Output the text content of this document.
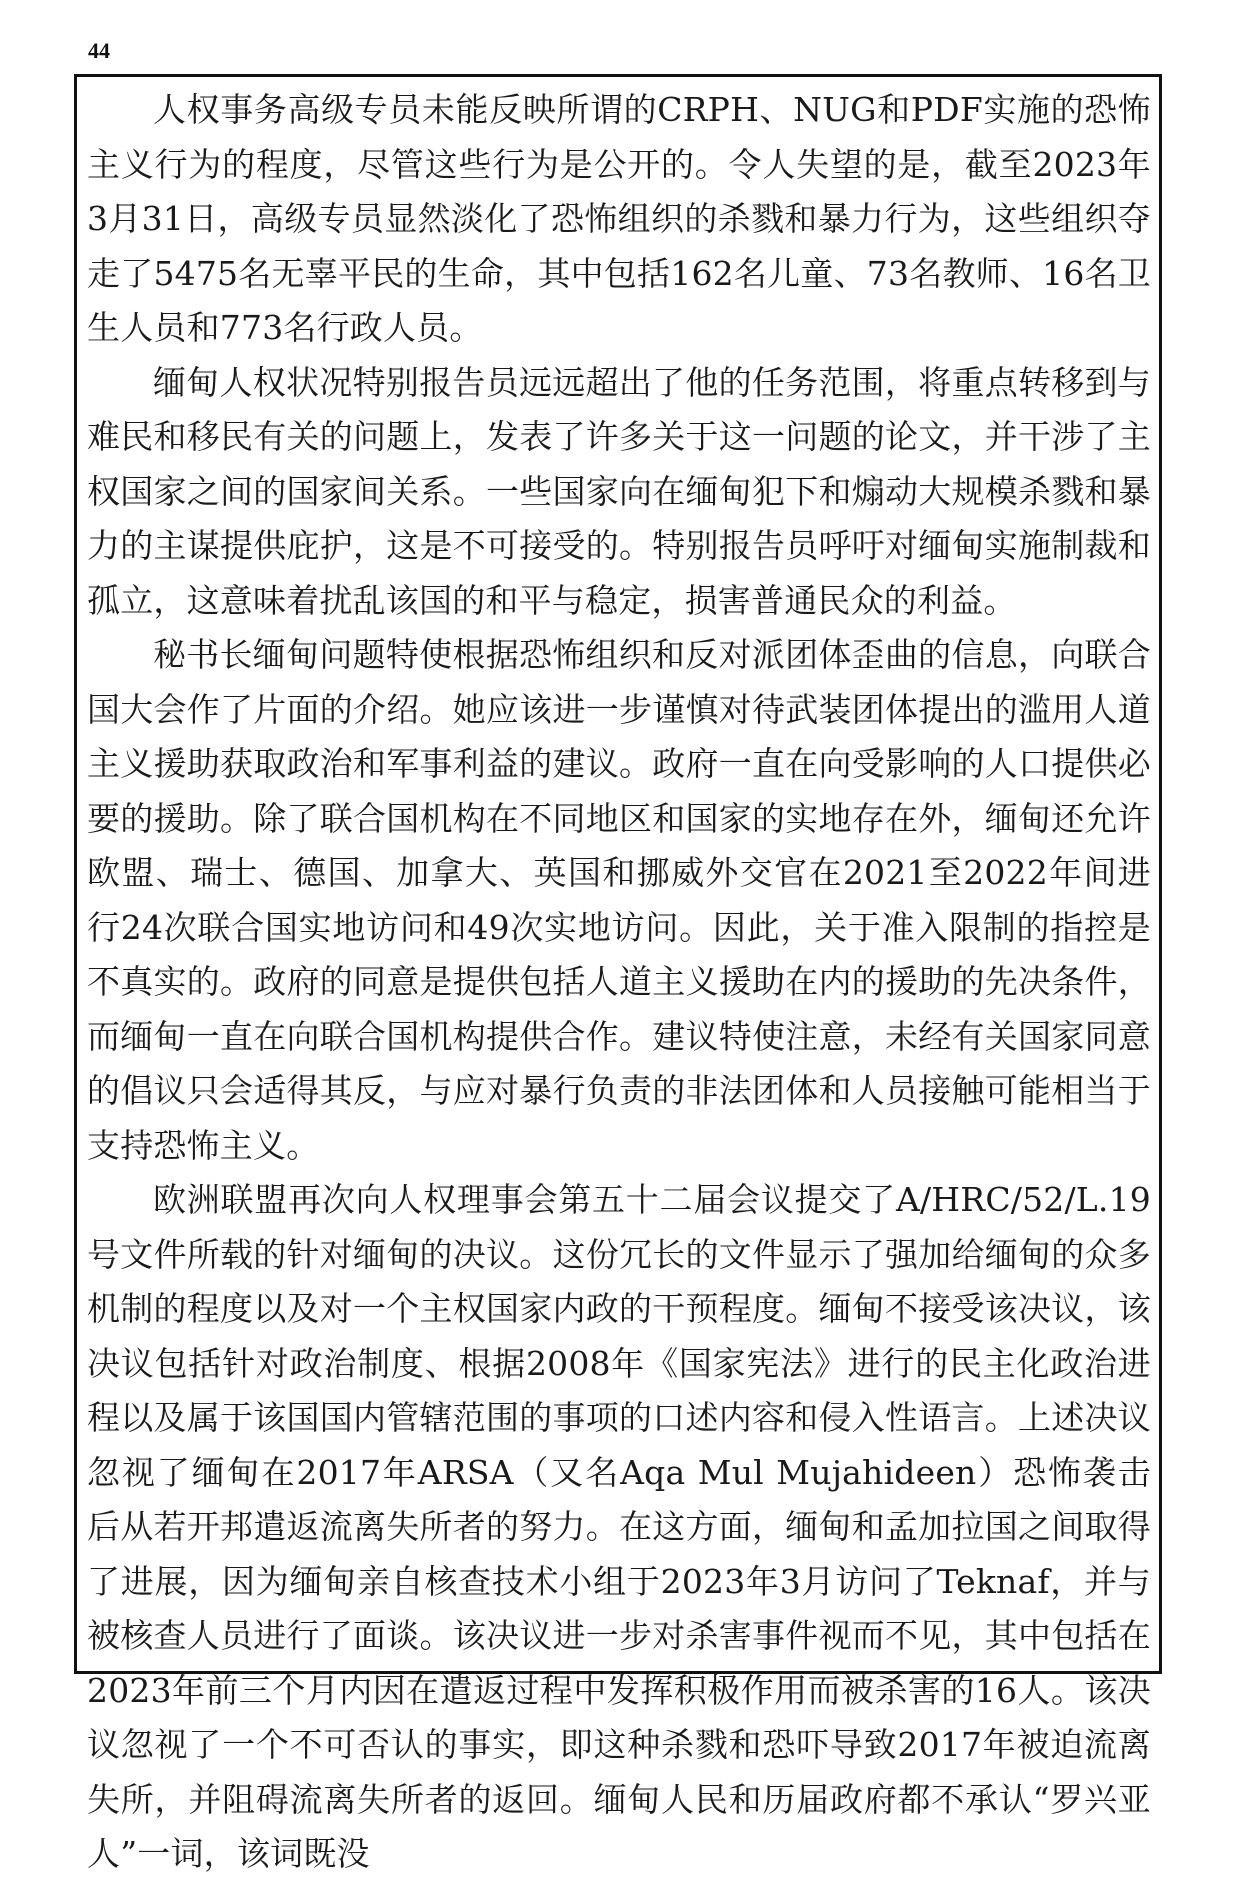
44

人权事务高级专员未能反映所谓的CRPH、NUG和PDF实施的恐怖主义行为的程度，尽管这些行为是公开的。令人失望的是，截至2023年3月31日，高级专员显然淡化了恐怖组织的杀戮和暴力行为，这些组织夺走了5475名无辜平民的生命，其中包括162名儿童、73名教师、16名卫生人员和773名行政人员。

缅甸人权状况特别报告员远远超出了他的任务范围，将重点转移到与难民和移民有关的问题上，发表了许多关于这一问题的论文，并干涉了主权国家之间的国家间关系。一些国家向在缅甸犯下和煽动大规模杀戮和暴力的主谋提供庇护，这是不可接受的。特别报告员呼吁对缅甸实施制裁和孤立，这意味着扰乱该国的和平与稳定，损害普通民众的利益。

秘书长缅甸问题特使根据恐怖组织和反对派团体歪曲的信息，向联合国大会作了片面的介绍。她应该进一步谨慎对待武装团体提出的滥用人道主义援助获取政治和军事利益的建议。政府一直在向受影响的人口提供必要的援助。除了联合国机构在不同地区和国家的实地存在外，缅甸还允许欧盟、瑞士、德国、加拿大、英国和挪威外交官在2021至2022年间进行24次联合国实地访问和49次实地访问。因此，关于准入限制的指控是不真实的。政府的同意是提供包括人道主义援助在内的援助的先决条件，而缅甸一直在向联合国机构提供合作。建议特使注意，未经有关国家同意的倡议只会适得其反，与应对暴行负责的非法团体和人员接触可能相当于支持恐怖主义。

欧洲联盟再次向人权理事会第五十二届会议提交了A/HRC/52/L.19号文件所载的针对缅甸的决议。这份冗长的文件显示了强加给缅甸的众多机制的程度以及对一个主权国家内政的干预程度。缅甸不接受该决议，该决议包括针对政治制度、根据2008年《国家宪法》进行的民主化政治进程以及属于该国国内管辖范围的事项的口述内容和侵入性语言。上述决议忽视了缅甸在2017年ARSA（又名Aqa Mul Mujahideen）恐怖袭击后从若开邦遣返流离失所者的努力。在这方面，缅甸和孟加拉国之间取得了进展，因为缅甸亲自核查技术小组于2023年3月访问了Teknaf，并与被核查人员进行了面谈。该决议进一步对杀害事件视而不见，其中包括在2023年前三个月内因在遣返过程中发挥积极作用而被杀害的16人。该决议忽视了一个不可否认的事实，即这种杀戮和恐吓导致2017年被迫流离失所，并阻碍流离失所者的返回。缅甸人民和历届政府都不承认“罗兴亚人”一词，该词既没
